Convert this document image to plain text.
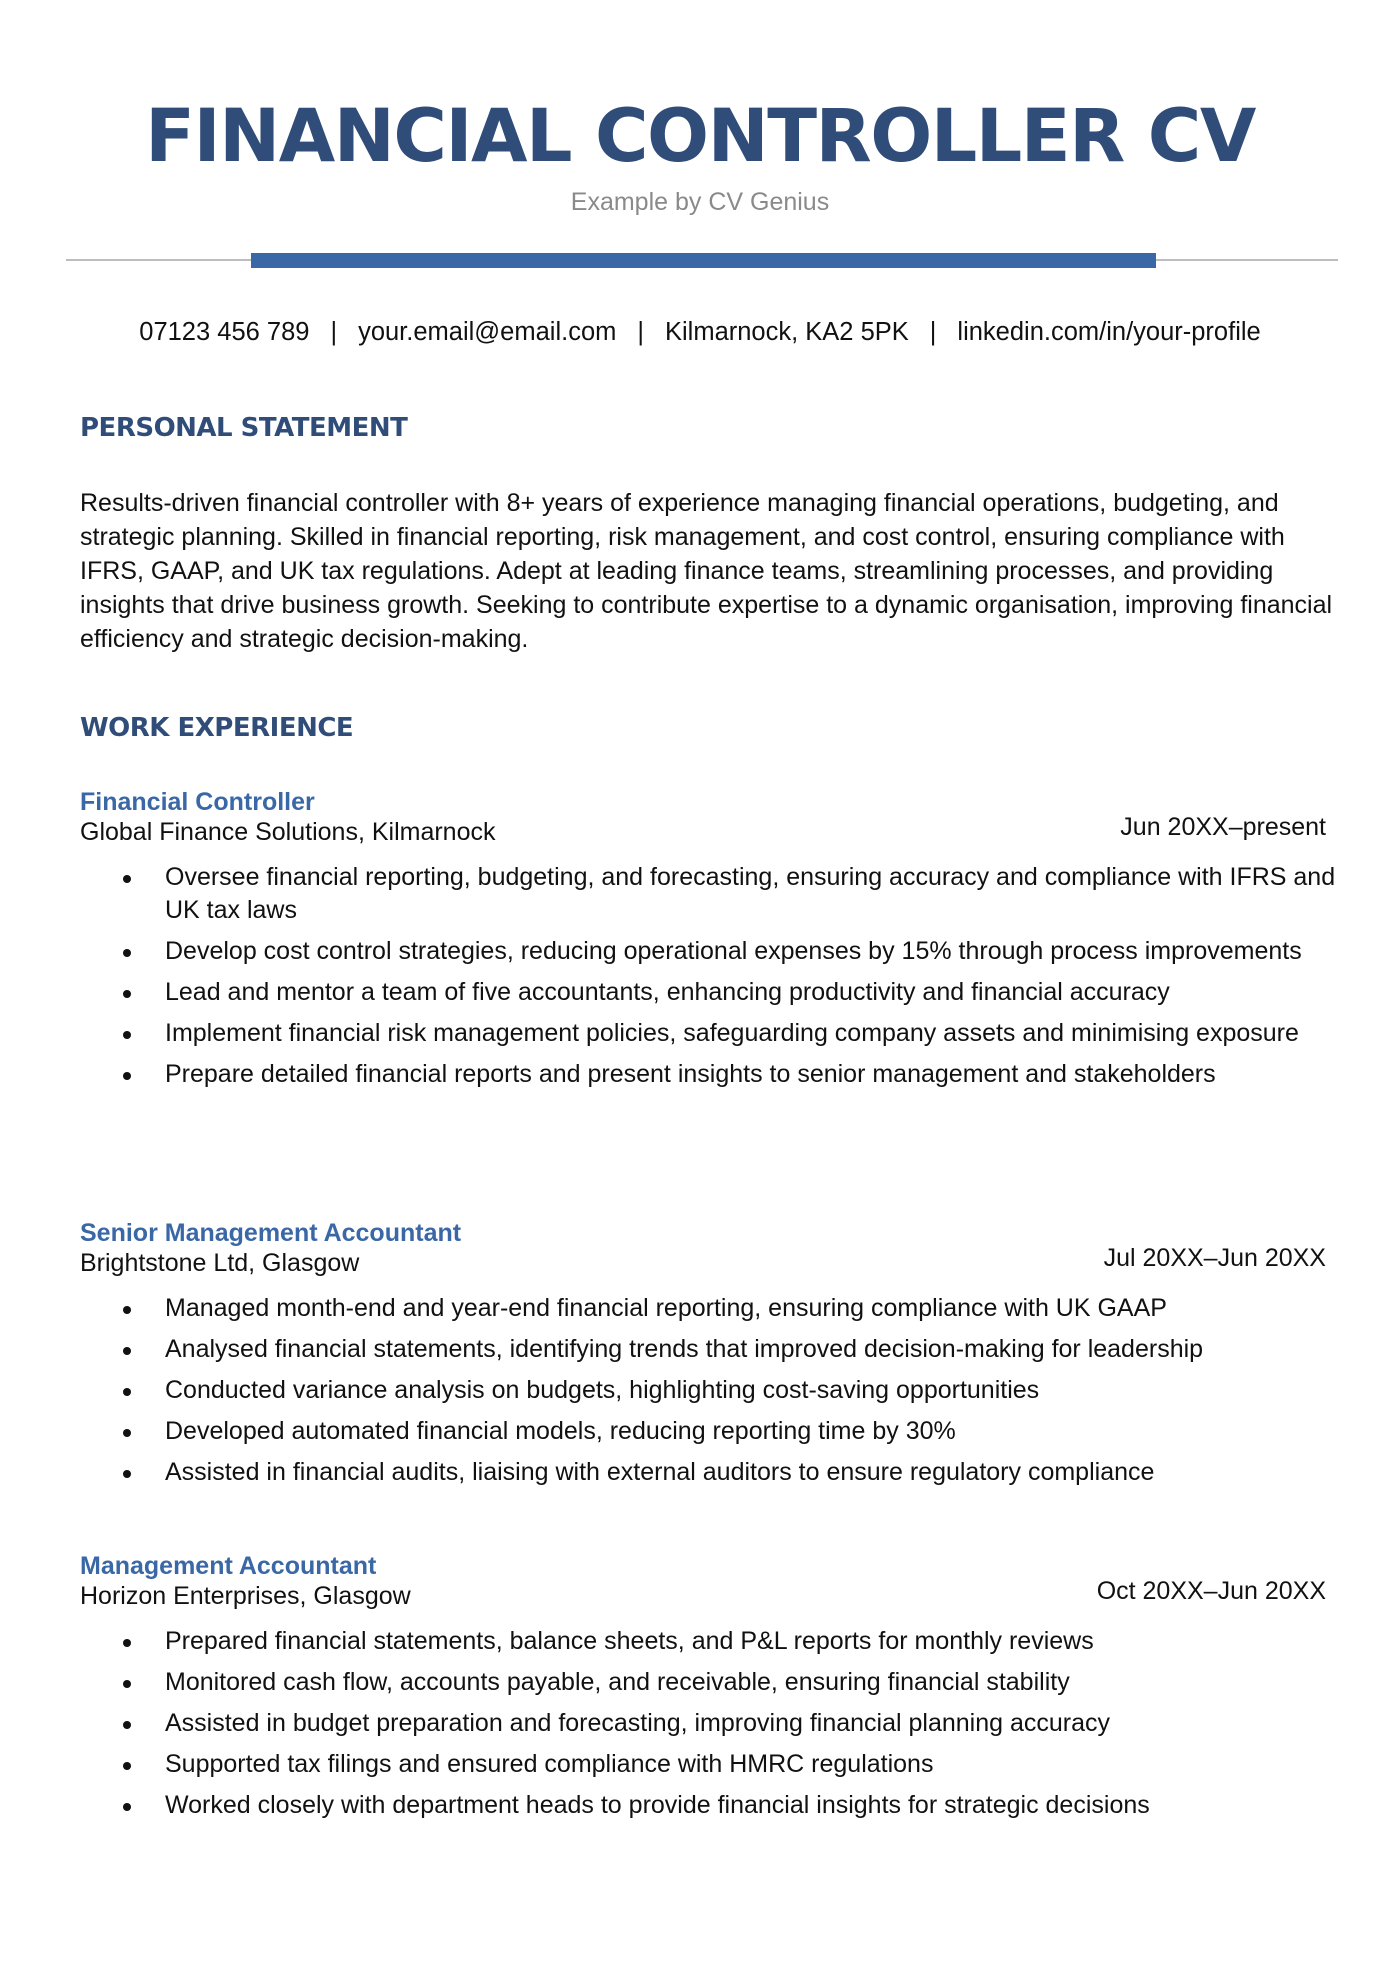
FINANCIAL CONTROLLER CV
Example by CV Genius
07123 456 789 | your.email@email.com | Kilmarnock, KA2 5PK | linkedin.com/in/your-profile
PERSONAL STATEMENT
Results-driven financial controller with 8+ years of experience managing financial operations, budgeting, and strategic planning. Skilled in financial reporting, risk management, and cost control, ensuring compliance with IFRS, GAAP, and UK tax regulations. Adept at leading finance teams, streamlining processes, and providing insights that drive business growth. Seeking to contribute expertise to a dynamic organisation, improving financial efficiency and strategic decision-making.
WORK EXPERIENCE
Financial Controller
Global Finance Solutions, Kilmarnock	Jun 20XX–present
Oversee financial reporting, budgeting, and forecasting, ensuring accuracy and compliance with IFRS and UK tax laws
Develop cost control strategies, reducing operational expenses by 15% through process improvements
Lead and mentor a team of five accountants, enhancing productivity and financial accuracy
Implement financial risk management policies, safeguarding company assets and minimising exposure
Prepare detailed financial reports and present insights to senior management and stakeholders
Senior Management Accountant
Brightstone Ltd, Glasgow	Jul 20XX–Jun 20XX
Managed month-end and year-end financial reporting, ensuring compliance with UK GAAP
Analysed financial statements, identifying trends that improved decision-making for leadership
Conducted variance analysis on budgets, highlighting cost-saving opportunities
Developed automated financial models, reducing reporting time by 30%
Assisted in financial audits, liaising with external auditors to ensure regulatory compliance
Management Accountant
Horizon Enterprises, Glasgow	Oct 20XX–Jun 20XX
Prepared financial statements, balance sheets, and P&L reports for monthly reviews
Monitored cash flow, accounts payable, and receivable, ensuring financial stability
Assisted in budget preparation and forecasting, improving financial planning accuracy
Supported tax filings and ensured compliance with HMRC regulations
Worked closely with department heads to provide financial insights for strategic decisions
